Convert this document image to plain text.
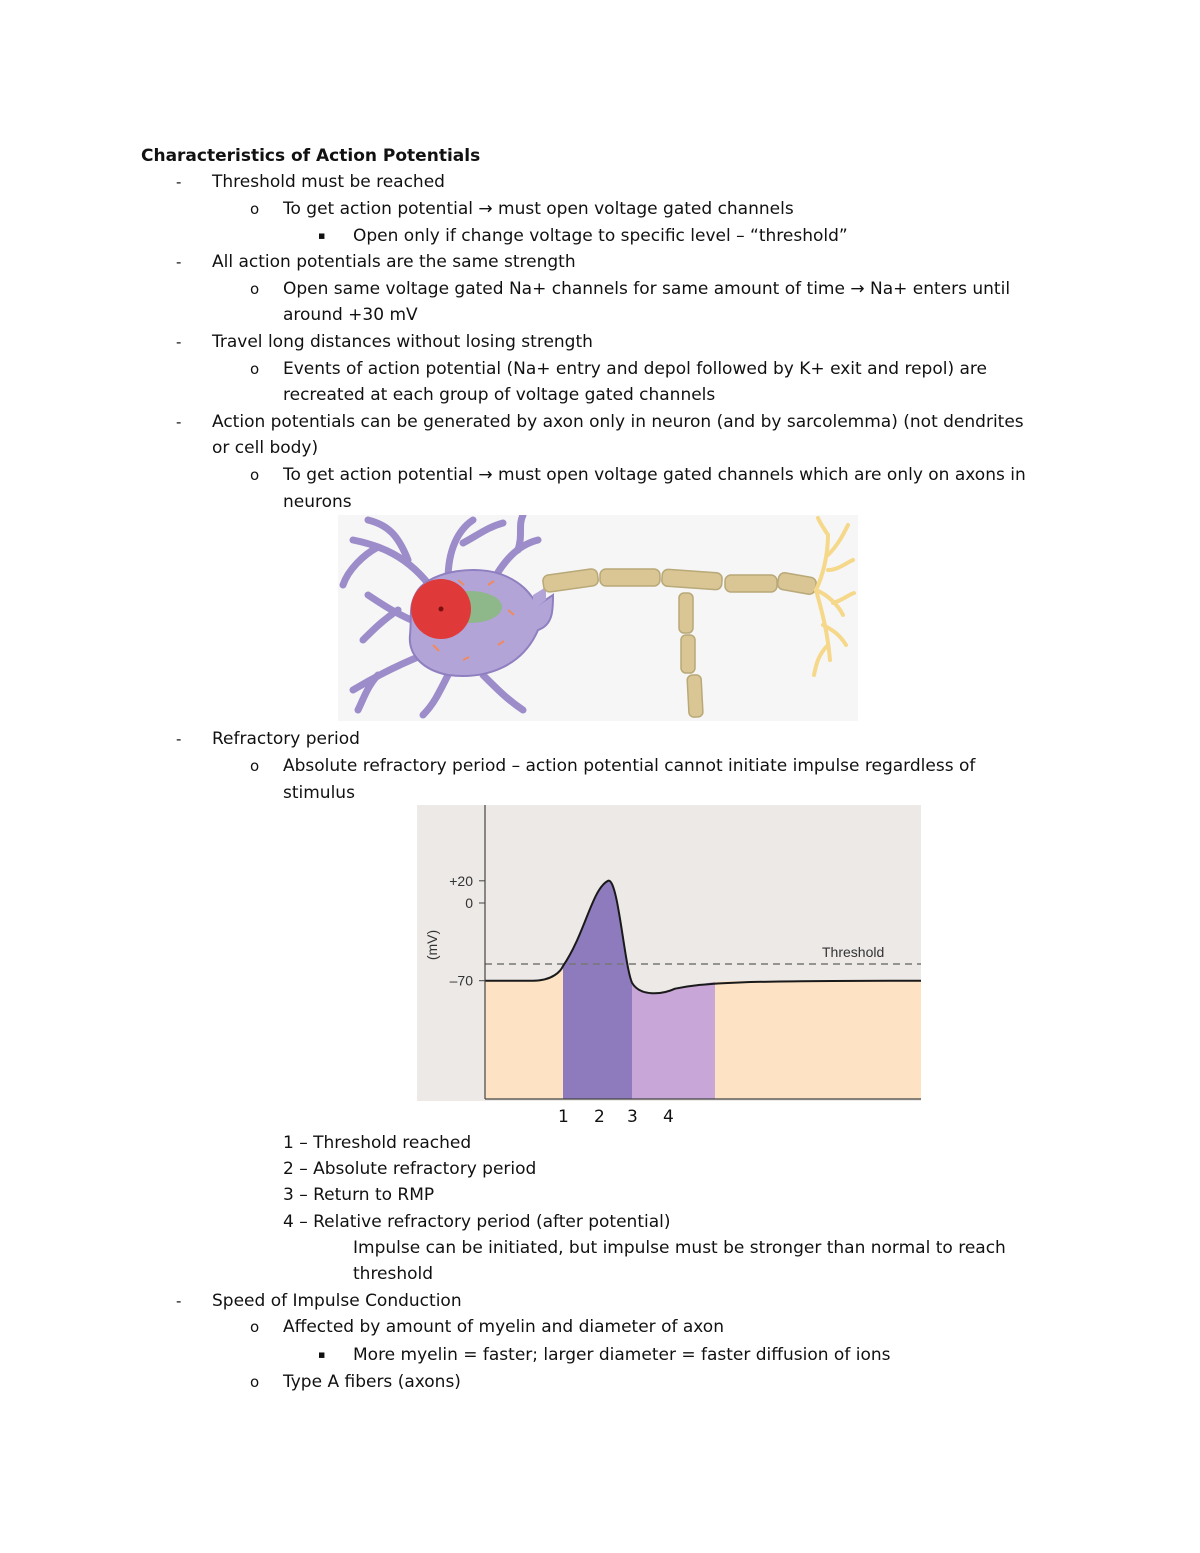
Characteristics of Action Potentials
- Threshold must be reached
o To get action potential → must open voltage gated channels
▪ Open only if change voltage to specific level – “threshold”
- All action potentials are the same strength
o Open same voltage gated Na+ channels for same amount of time → Na+ enters until
around +30 mV
- Travel long distances without losing strength
o Events of action potential (Na+ entry and depol followed by K+ exit and repol) are
recreated at each group of voltage gated channels
- Action potentials can be generated by axon only in neuron (and by sarcolemma) (not dendrites
or cell body)
o To get action potential → must open voltage gated channels which are only on axons in
neurons
- Refractory period
o Absolute refractory period – action potential cannot initiate impulse regardless of
stimulus
Threshold
+20
0
–70
(mV)
1 2 3 4
1 – Threshold reached
2 – Absolute refractory period
3 – Return to RMP
4 – Relative refractory period (after potential)
Impulse can be initiated, but impulse must be stronger than normal to reach
threshold
- Speed of Impulse Conduction
o Affected by amount of myelin and diameter of axon
▪ More myelin = faster; larger diameter = faster diffusion of ions
o Type A fibers (axons)
